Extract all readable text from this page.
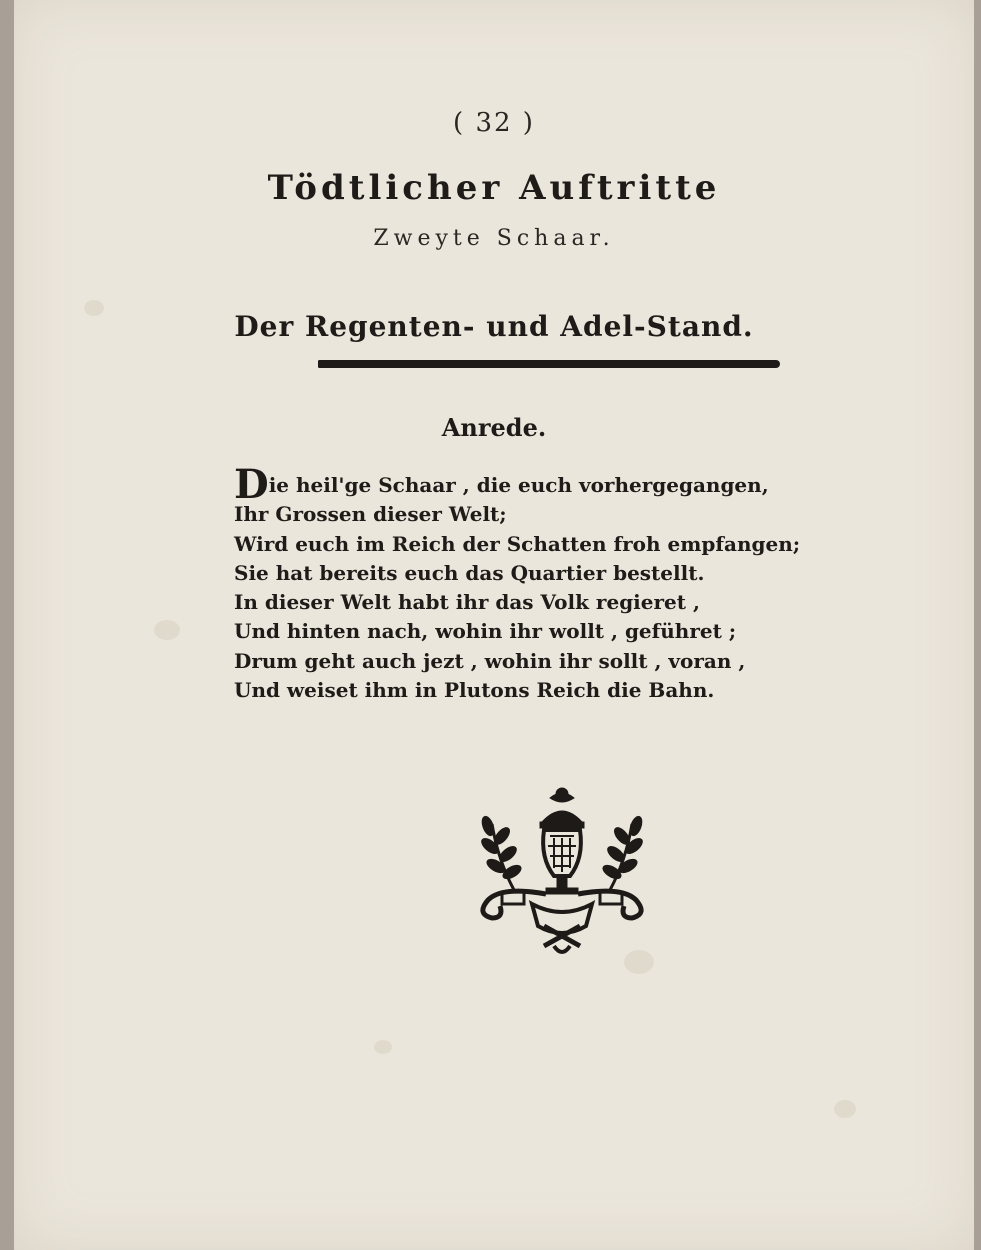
( 32 )
Tödtlicher Auftritte
Zweyte Schaar.
Der Regenten- und Adel-Stand.
Anrede.
Die heil'ge Schaar , die euch vorhergegangen,
Ihr Grossen dieser Welt;
Wird euch im Reich der Schatten froh empfangen;
Sie hat bereits euch das Quartier bestellt.
In dieser Welt habt ihr das Volk regieret ,
Und hinten nach, wohin ihr wollt , geführet ;
Drum geht auch jezt , wohin ihr sollt , voran ,
Und weiset ihm in Plutons Reich die Bahn.
